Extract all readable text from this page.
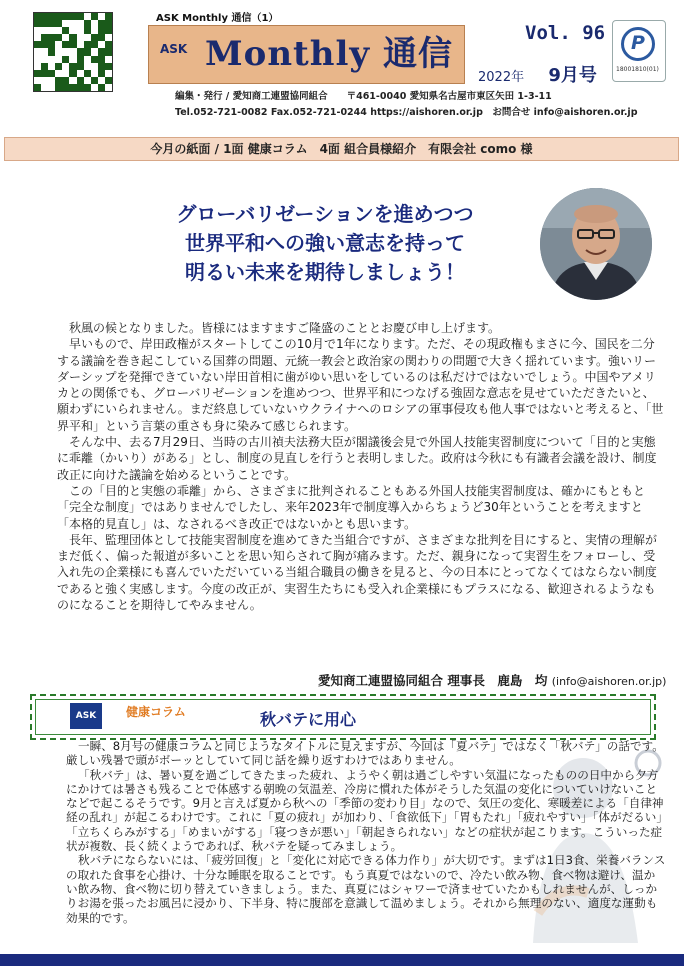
ASK Monthly 通信（1）
ASK Monthly 通信
Vol. 96
2022年 9月号
P
18001810(01)
編集・発行 / 愛知商工連盟協同組合　　〒461-0040 愛知県名古屋市東区矢田 1-3-11
Tel.052-721-0082 Fax.052-721-0244 https://aishoren.or.jp　お問合せ info@aishoren.or.jp
今月の紙面 / 1面 健康コラム　4面 組合員様紹介　有限会社 como 様
グローバリゼーションを進めつつ
世界平和への強い意志を持って
明るい未来を期待しましょう！

秋風の候となりました。皆様にはますますご隆盛のこととお慶び申し上げます。

早いもので、岸田政権がスタートしてこの10月で1年になります。ただ、その現政権もまさに今、国民を二分する議論を巻き起こしている国葬の問題、元統一教会と政治家の関わりの問題で大きく揺れています。強いリーダーシップを発揮できていない岸田首相に歯がゆい思いをしているのは私だけではないでしょう。中国やアメリカとの関係でも、グローバリゼーションを進めつつ、世界平和につなげる強固な意志を見せていただきたいと、願わずにいられません。まだ終息していないウクライナへのロシアの軍事侵攻も他人事ではないと考えると、「世界平和」という言葉の重さも身に染みて感じられます。

そんな中、去る7月29日、当時の古川禎夫法務大臣が閣議後会見で外国人技能実習制度について「目的と実態に乖離（かいり）がある」とし、制度の見直しを行うと表明しました。政府は今秋にも有識者会議を設け、制度改正に向けた議論を始めるということです。

この「目的と実態の乖離」から、さまざまに批判されることもある外国人技能実習制度は、確かにもともと「完全な制度」ではありませんでしたし、来年2023年で制度導入からちょうど30年ということを考えますと「本格的見直し」は、なされるべき改正ではないかとも思います。

長年、監理団体として技能実習制度を進めてきた当組合ですが、さまざまな批判を目にすると、実情の理解がまだ低く、偏った報道が多いことを思い知らされて胸が痛みます。ただ、親身になって実習生をフォローし、受入れ先の企業様にも喜んでいただいている当組合職員の働きを見ると、今の日本にとってなくてはならない制度であると強く実感します。今度の改正が、実習生たちにも受入れ企業様にもプラスになる、歓迎されるようなものになることを期待してやみません。

愛知商工連盟協同組合 理事長　鹿島　均 (info@aishoren.or.jp)
ASK	健康コラム	秋バテに用心

一瞬、8月号の健康コラムと同じようなタイトルに見えますが、今回は「夏バテ」ではなく「秋バテ」の話です。厳しい残暑で頭がボーッとしていて同じ話を繰り返すわけではありません。

「秋バテ」は、暑い夏を過ごしてきたまった疲れ、ようやく朝は過ごしやすい気温になったものの日中から夕方にかけては暑さも残ることで体感する朝晩の気温差、冷房に慣れた体がそうした気温の変化についていけないことなどで起こるそうです。9月と言えば夏から秋への「季節の変わり目」なので、気圧の変化、寒暖差による「自律神経の乱れ」が起こるわけです。これに「夏の疲れ」が加わり、「食欲低下」「胃もたれ」「疲れやすい」「体がだるい」「立ちくらみがする」「めまいがする」「寝つきが悪い」「朝起きられない」などの症状が起こります。こういった症状が複数、長く続くようであれば、秋バテを疑ってみましょう。

秋バテにならないには、「疲労回復」と「変化に対応できる体力作り」が大切です。まずは1日3食、栄養バランスの取れた食事を心掛け、十分な睡眠を取ることです。もう真夏ではないので、冷たい飲み物、食べ物は避け、温かい飲み物、食べ物に切り替えていきましょう。また、真夏にはシャワーで済ませていたかもしれませんが、しっかりお湯を張ったお風呂に浸かり、下半身、特に腹部を意識して温めましょう。それから無理のない、適度な運動も効果的です。
